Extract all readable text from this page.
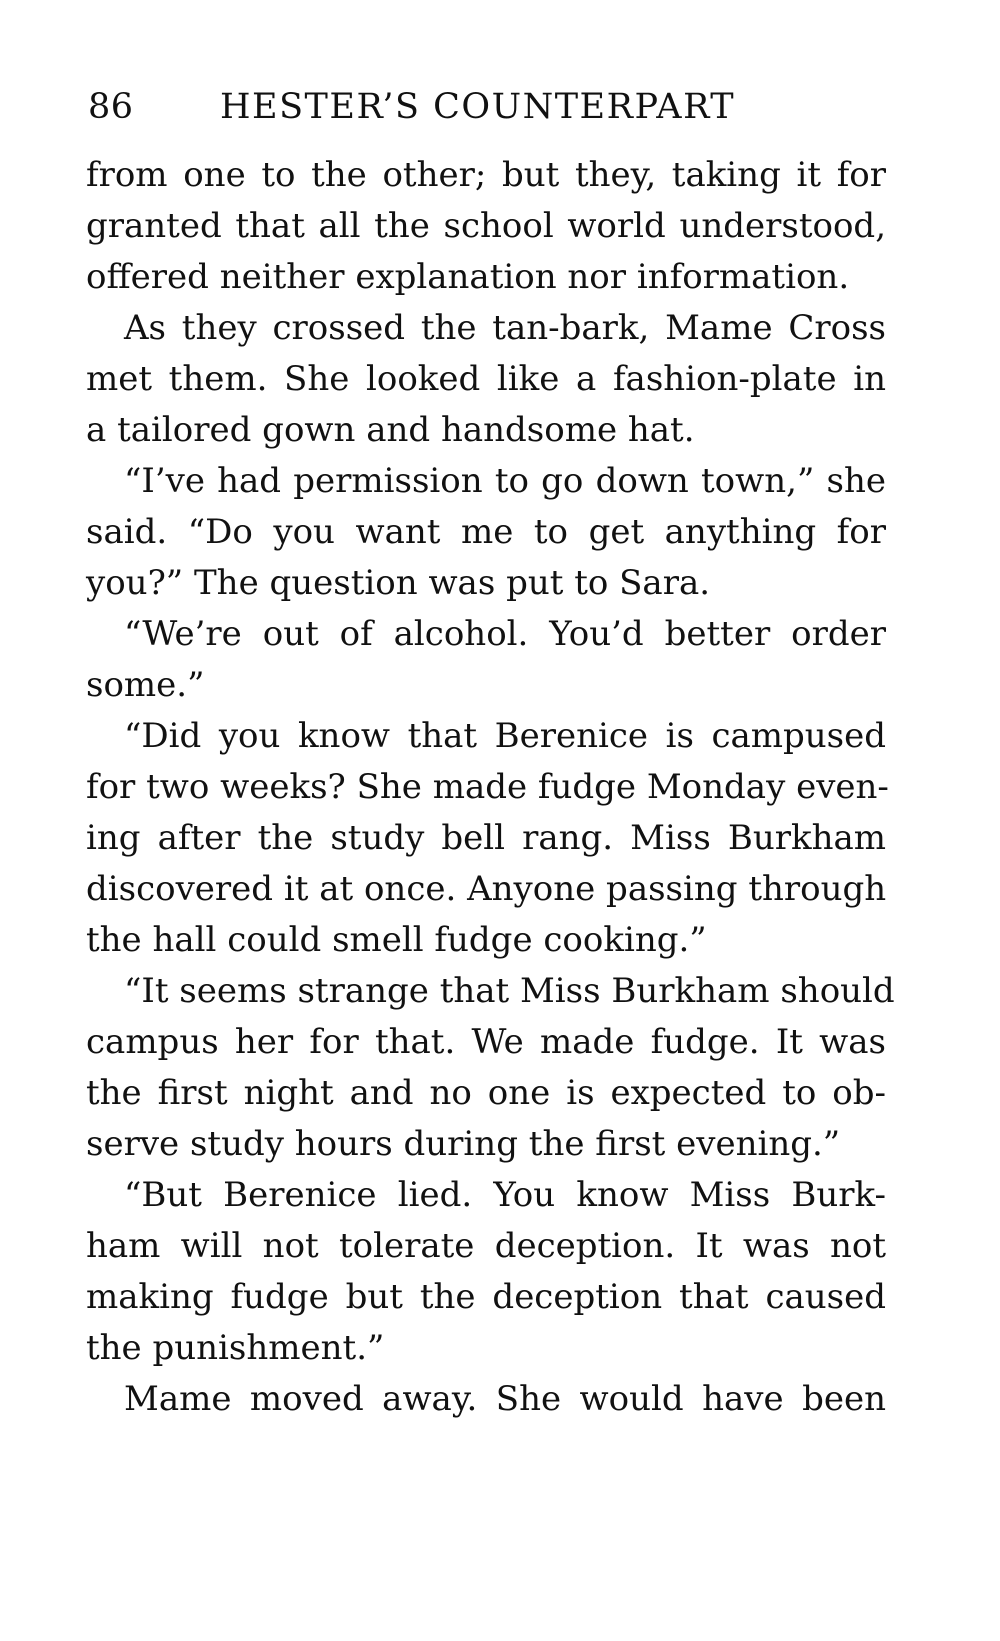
86 HESTER’S COUNTERPART
from one to the other; but they, taking it for
granted that all the school world understood,
offered neither explanation nor information.
As they crossed the tan-bark, Mame Cross
met them. She looked like a fashion-plate in
a tailored gown and handsome hat.
“I’ve had permission to go down town,” she
said. “Do you want me to get anything for
you?” The question was put to Sara.
“We’re out of alcohol. You’d better order
some.”
“Did you know that Berenice is campused
for two weeks? She made fudge Monday even-
ing after the study bell rang. Miss Burkham
discovered it at once. Anyone passing through
the hall could smell fudge cooking.”
“It seems strange that Miss Burkham should
campus her for that. We made fudge. It was
the first night and no one is expected to ob-
serve study hours during the first evening.”
“But Berenice lied. You know Miss Burk-
ham will not tolerate deception. It was not
making fudge but the deception that caused
the punishment.”
Mame moved away. She would have been
